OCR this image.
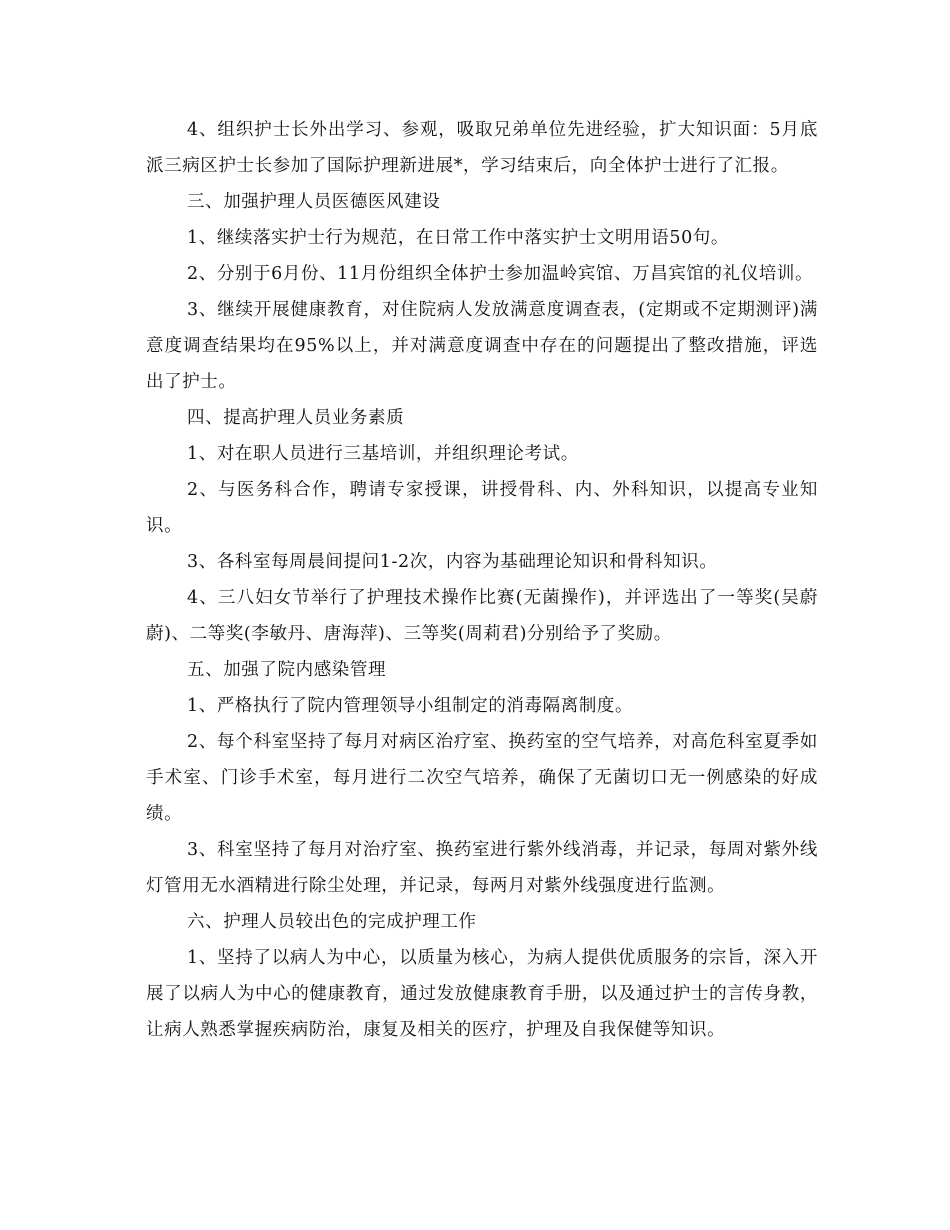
4、组织护士长外出学习、参观，吸取兄弟单位先进经验，扩大知识面：5月底派三病区护士长参加了国际护理新进展*，学习结束后，向全体护士进行了汇报。

三、加强护理人员医德医风建设

1、继续落实护士行为规范，在日常工作中落实护士文明用语50句。

2、分别于6月份、11月份组织全体护士参加温岭宾馆、万昌宾馆的礼仪培训。

3、继续开展健康教育，对住院病人发放满意度调查表，(定期或不定期测评)满意度调查结果均在95%以上，并对满意度调查中存在的问题提出了整改措施，评选出了护士。

四、提高护理人员业务素质

1、对在职人员进行三基培训，并组织理论考试。

2、与医务科合作，聘请专家授课，讲授骨科、内、外科知识，以提高专业知识。

3、各科室每周晨间提问1-2次，内容为基础理论知识和骨科知识。

4、三八妇女节举行了护理技术操作比赛(无菌操作)，并评选出了一等奖(吴蔚蔚)、二等奖(李敏丹、唐海萍)、三等奖(周莉君)分别给予了奖励。

五、加强了院内感染管理

1、严格执行了院内管理领导小组制定的消毒隔离制度。

2、每个科室坚持了每月对病区治疗室、换药室的空气培养，对高危科室夏季如手术室、门诊手术室，每月进行二次空气培养，确保了无菌切口无一例感染的好成绩。

3、科室坚持了每月对治疗室、换药室进行紫外线消毒，并记录，每周对紫外线灯管用无水酒精进行除尘处理，并记录，每两月对紫外线强度进行监测。

六、护理人员较出色的完成护理工作

1、坚持了以病人为中心，以质量为核心，为病人提供优质服务的宗旨，深入开展了以病人为中心的健康教育，通过发放健康教育手册，以及通过护士的言传身教，让病人熟悉掌握疾病防治，康复及相关的医疗，护理及自我保健等知识。
